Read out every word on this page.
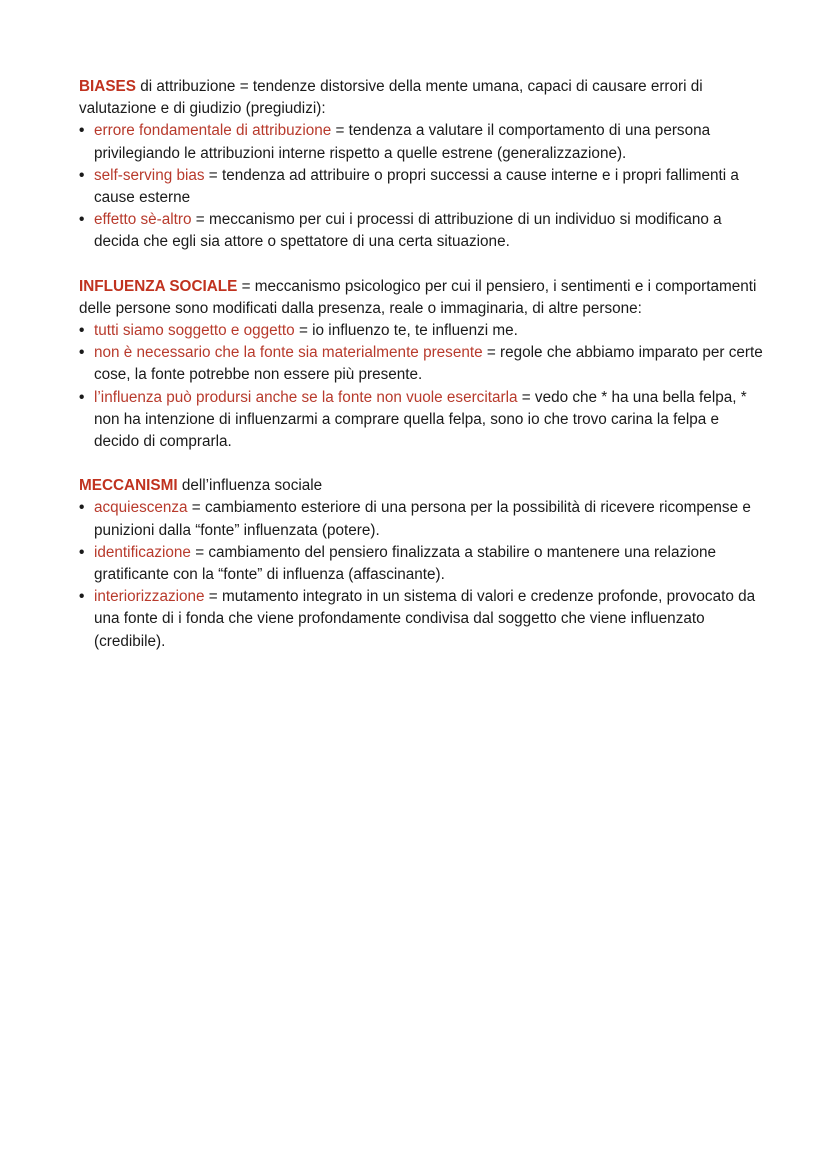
BIASES di attribuzione = tendenze distorsive della mente umana, capaci di causare errori di valutazione e di giudizio (pregiudizi):

• errore fondamentale di attribuzione = tendenza a valutare il comportamento di una persona privilegiando le attribuzioni interne rispetto a quelle estrene (generalizzazione).
• self-serving bias = tendenza ad attribuire o propri successi a cause interne e i propri fallimenti a cause esterne
• effetto sè-altro = meccanismo per cui i processi di attribuzione di un individuo si modificano a decida che egli sia attore o spettatore di una certa situazione.

INFLUENZA SOCIALE = meccanismo psicologico per cui il pensiero, i sentimenti e i comportamenti delle persone sono modificati dalla presenza, reale o immaginaria, di altre persone:

• tutti siamo soggetto e oggetto = io influenzo te, te influenzi me.
• non è necessario che la fonte sia materialmente presente = regole che abbiamo imparato per certe cose, la fonte potrebbe non essere più presente.
• l’influenza può prodursi anche se la fonte non vuole esercitarla = vedo che * ha una bella felpa, * non ha intenzione di influenzarmi a comprare quella felpa, sono io che trovo carina la felpa e decido di comprarla.

MECCANISMI dell’influenza sociale

• acquiescenza = cambiamento esteriore di una persona per la possibilità di ricevere ricompense e punizioni dalla “fonte” influenzata (potere).
• identificazione = cambiamento del pensiero finalizzata a stabilire o mantenere una relazione gratificante con la “fonte” di influenza (affascinante).
• interiorizzazione = mutamento integrato in un sistema di valori e credenze profonde, provocato da una fonte di i fonda che viene profondamente condivisa dal soggetto che viene influenzato (credibile).
